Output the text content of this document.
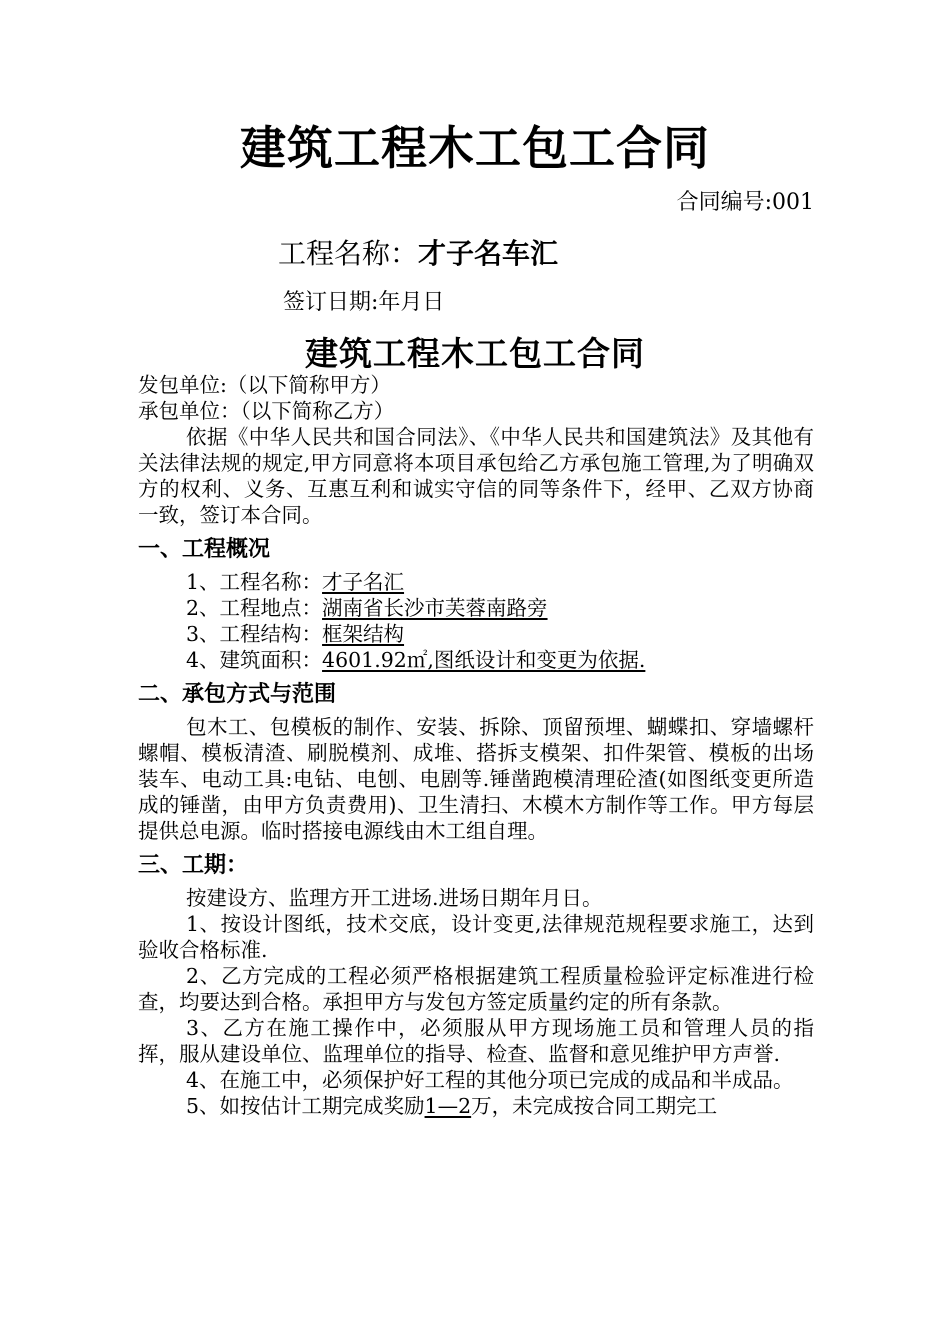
建筑工程木工包工合同
合同编号:001
工程名称：才子名车汇
签订日期:年月日
建筑工程木工包工合同

发包单位:（以下简称甲方）

承包单位：（以下简称乙方）

依据《中华人民共和国合同法》、《中华人民共和国建筑法》及其他有关法律法规的规定,甲方同意将本项目承包给乙方承包施工管理,为了明确双方的权利、义务、互惠互利和诚实守信的同等条件下，经甲、乙双方协商一致，签订本合同。

一、工程概况

1、工程名称：才子名汇

2、工程地点：湖南省长沙市芙蓉南路旁

3、工程结构：框架结构

4、建筑面积：4601.92㎡,图纸设计和变更为依据.

二、承包方式与范围

包木工、包模板的制作、安装、拆除、顶留预埋、蝴蝶扣、穿墙螺杆螺帽、模板清渣、刷脱模剂、成堆、搭拆支模架、扣件架管、模板的出场装车、电动工具:电钻、电刨、电剧等.锤凿跑模清理砼渣(如图纸变更所造成的锤凿，由甲方负责费用)、卫生清扫、木模木方制作等工作。甲方每层提供总电源。临时搭接电源线由木工组自理。

三、工期：

按建设方、监理方开工进场.进场日期年月日。

1、按设计图纸，技术交底，设计变更,法律规范规程要求施工，达到验收合格标准.

2、乙方完成的工程必须严格根据建筑工程质量检验评定标准进行检查，均要达到合格。承担甲方与发包方签定质量约定的所有条款。

3、乙方在施工操作中，必须服从甲方现场施工员和管理人员的指挥，服从建设单位、监理单位的指导、检查、监督和意见维护甲方声誉.

4、在施工中，必须保护好工程的其他分项已完成的成品和半成品。

5、如按估计工期完成奖励1—2万，未完成按合同工期完工
